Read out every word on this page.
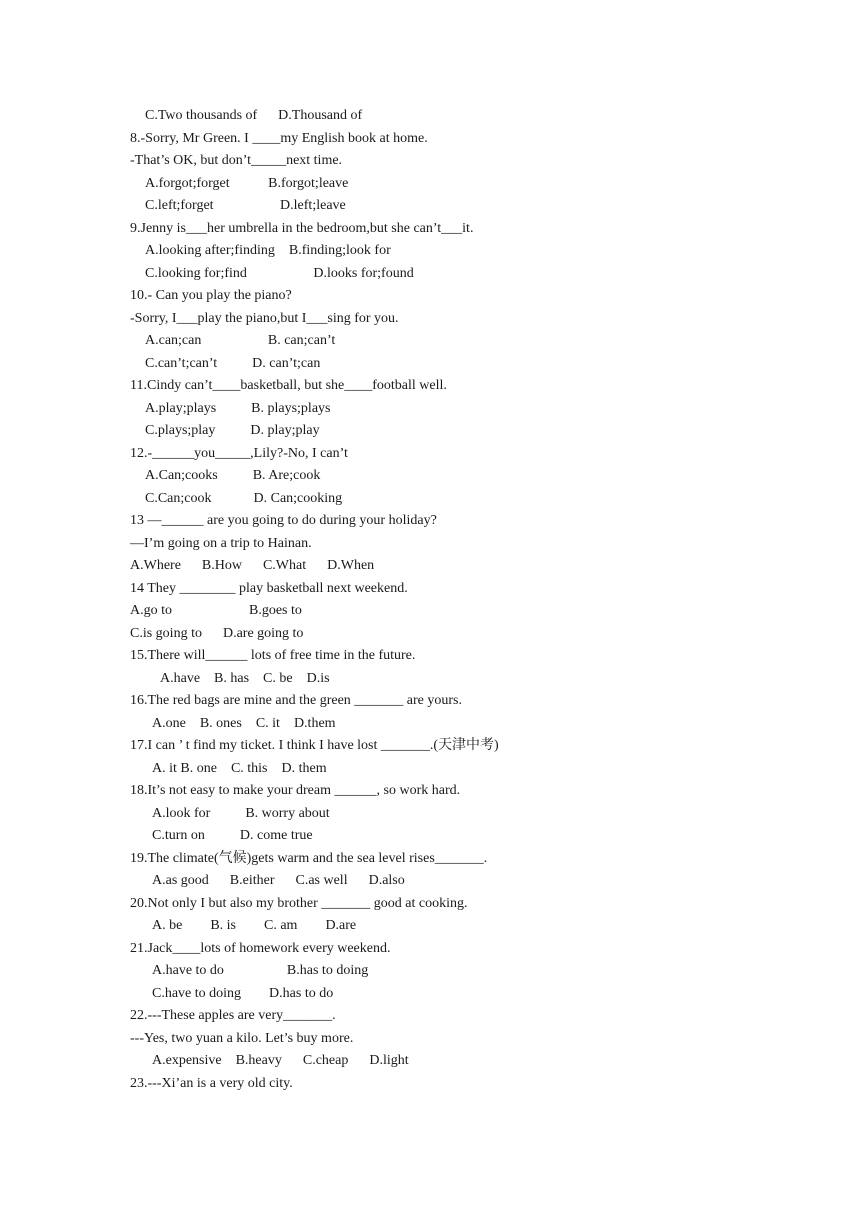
C.Two thousands of      D.Thousand of
8.-Sorry, Mr Green. I ____my English book at home.
-That’s OK, but don’t_____next time.
A.forgot;forget           B.forgot;leave
C.left;forget                   D.left;leave
9.Jenny is___her umbrella in the bedroom,but she can’t___it.
A.looking after;finding    B.finding;look for
C.looking for;find                   D.looks for;found
10.- Can you play the piano?
-Sorry, I___play the piano,but I___sing for you.
A.can;can                   B. can;can’t
C.can’t;can’t          D. can’t;can
11.Cindy can’t____basketball, but she____football well.
A.play;plays          B. plays;plays
C.plays;play          D. play;play
12.-______you_____,Lily?-No, I can’t
A.Can;cooks          B. Are;cook
C.Can;cook            D. Can;cooking
13 —______ are you going to do during your holiday?
—I’m going on a trip to Hainan.
A.Where      B.How      C.What      D.When
14 They ________ play basketball next weekend.
A.go to                      B.goes to
C.is going to      D.are going to
15.There will______ lots of free time in the future.
A.have    B. has    C. be    D.is
16.The red bags are mine and the green _______ are yours.
A.one    B. ones    C. it    D.them
17.I can ’ t find my ticket. I think I have lost _______.(天津中考)
A. it B. one    C. this    D. them
18.It’s not easy to make your dream ______, so work hard.
A.look for          B. worry about
C.turn on          D. come true
19.The climate(气候)gets warm and the sea level rises_______.
A.as good      B.either      C.as well      D.also
20.Not only I but also my brother _______ good at cooking.
A. be        B. is        C. am        D.are
21.Jack____lots of homework every weekend.
A.have to do                  B.has to doing
C.have to doing        D.has to do
22.---These apples are very_______.
---Yes, two yuan a kilo. Let’s buy more.
A.expensive    B.heavy      C.cheap      D.light
23.---Xi’an is a very old city.
